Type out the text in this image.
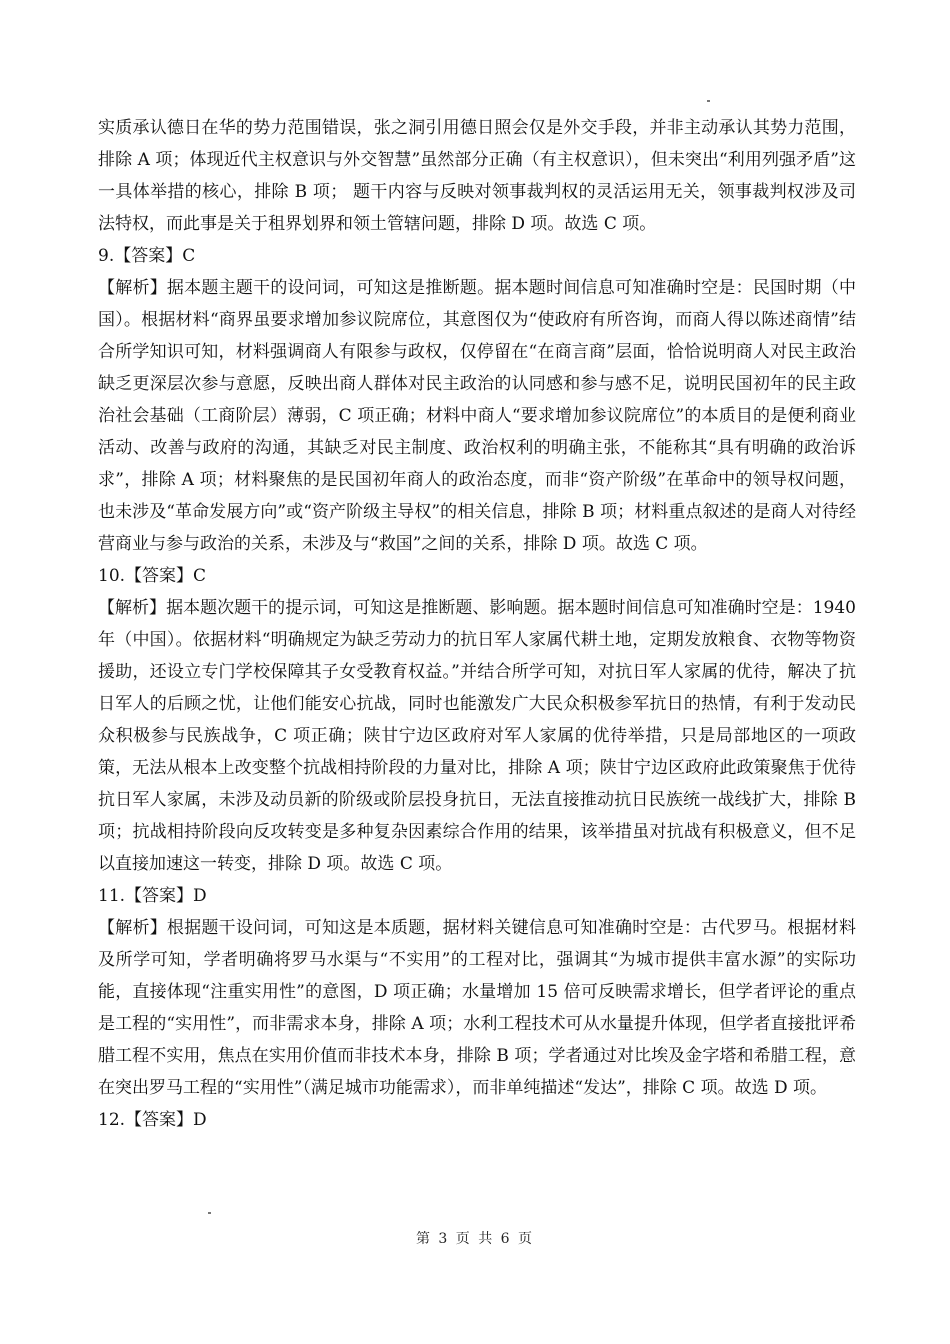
实质承认德日在华的势力范围错误，张之洞引用德日照会仅是外交手段，并非主动承认其势力范围，排除 A 项；体现近代主权意识与外交智慧”虽然部分正确（有主权意识），但未突出“利用列强矛盾”这一具体举措的核心，排除 B 项； 题干内容与反映对领事裁判权的灵活运用无关，领事裁判权涉及司法特权，而此事是关于租界划界和领土管辖问题，排除 D 项。故选 C 项。

9.【答案】C

【解析】据本题主题干的设问词，可知这是推断题。据本题时间信息可知准确时空是：民国时期（中国）。根据材料“商界虽要求增加参议院席位，其意图仅为“使政府有所咨询，而商人得以陈述商情”结合所学知识可知，材料强调商人有限参与政权，仅停留在“在商言商”层面，恰恰说明商人对民主政治缺乏更深层次参与意愿，反映出商人群体对民主政治的认同感和参与感不足，说明民国初年的民主政治社会基础（工商阶层）薄弱，C 项正确；材料中商人“要求增加参议院席位”的本质目的是便利商业活动、改善与政府的沟通，其缺乏对民主制度、政治权利的明确主张，不能称其“具有明确的政治诉求”，排除 A 项；材料聚焦的是民国初年商人的政治态度，而非“资产阶级”在革命中的领导权问题，也未涉及“革命发展方向”或“资产阶级主导权”的相关信息，排除 B 项；材料重点叙述的是商人对待经营商业与参与政治的关系，未涉及与“救国”之间的关系，排除 D 项。故选 C 项。

10.【答案】C

【解析】据本题次题干的提示词，可知这是推断题、影响题。据本题时间信息可知准确时空是：1940 年（中国）。依据材料“明确规定为缺乏劳动力的抗日军人家属代耕土地，定期发放粮食、衣物等物资援助，还设立专门学校保障其子女受教育权益。”并结合所学可知，对抗日军人家属的优待，解决了抗日军人的后顾之忧，让他们能安心抗战，同时也能激发广大民众积极参军抗日的热情，有利于发动民众积极参与民族战争，C 项正确；陕甘宁边区政府对军人家属的优待举措，只是局部地区的一项政策，无法从根本上改变整个抗战相持阶段的力量对比，排除 A 项；陕甘宁边区政府此政策聚焦于优待抗日军人家属，未涉及动员新的阶级或阶层投身抗日，无法直接推动抗日民族统一战线扩大，排除 B 项；抗战相持阶段向反攻转变是多种复杂因素综合作用的结果，该举措虽对抗战有积极意义，但不足以直接加速这一转变，排除 D 项。故选 C 项。

11.【答案】D

【解析】根据题干设问词，可知这是本质题，据材料关键信息可知准确时空是：古代罗马。根据材料及所学可知，学者明确将罗马水渠与“不实用”的工程对比，强调其“为城市提供丰富水源”的实际功能，直接体现“注重实用性”的意图，D 项正确；水量增加 15 倍可反映需求增长，但学者评论的重点是工程的“实用性”，而非需求本身，排除 A 项；水利工程技术可从水量提升体现，但学者直接批评希腊工程不实用，焦点在实用价值而非技术本身，排除 B 项；学者通过对比埃及金字塔和希腊工程，意在突出罗马工程的“实用性”（满足城市功能需求），而非单纯描述“发达”，排除 C 项。故选 D 项。

12.【答案】D

第 3 页 共 6 页
